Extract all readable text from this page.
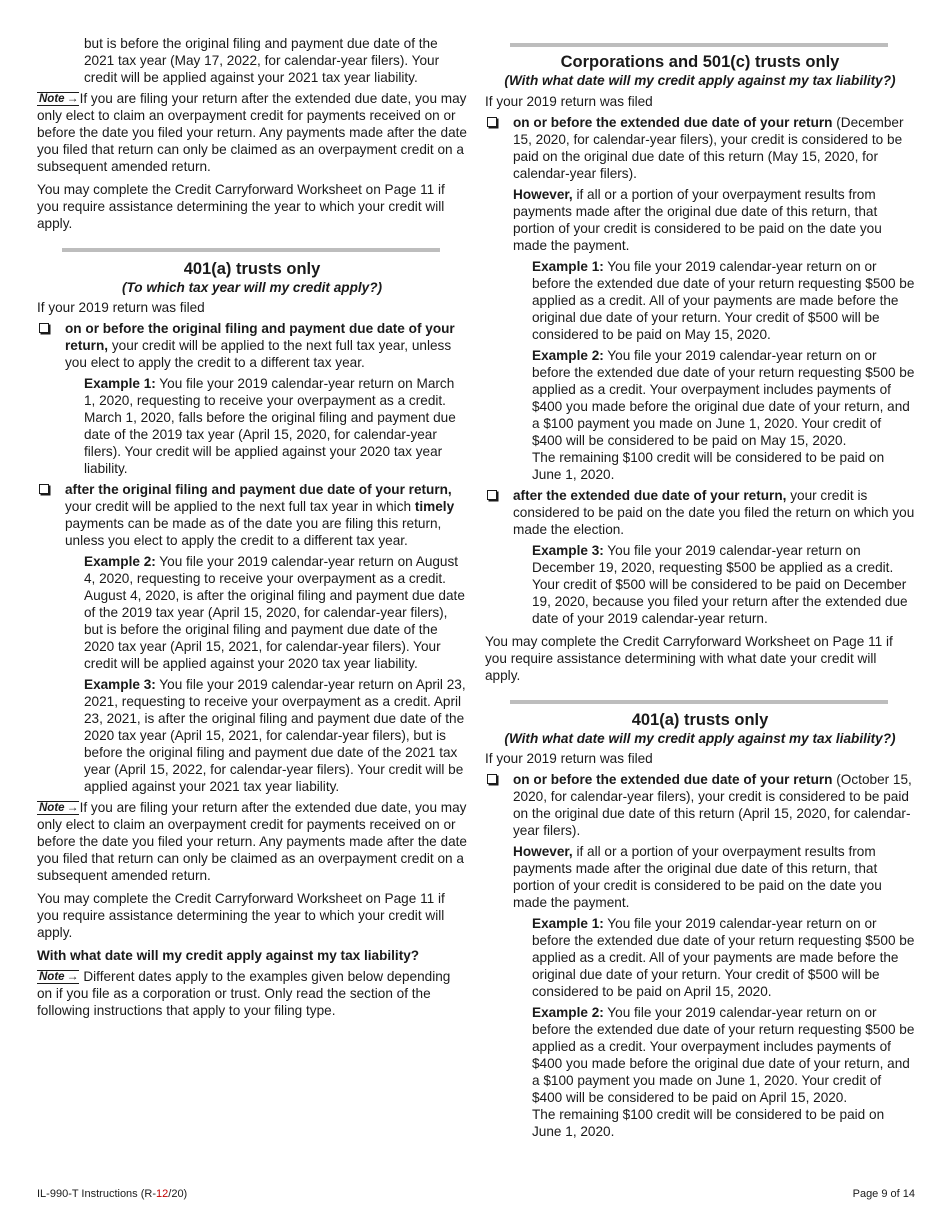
but is before the original filing and payment due date of the 2021 tax year (May 17, 2022, for calendar-year filers). Your credit will be applied against your 2021 tax year liability.

Note → If you are filing your return after the extended due date, you may only elect to claim an overpayment credit for payments received on or before the date you filed your return. Any payments made after the date you filed that return can only be claimed as an overpayment credit on a subsequent amended return.

You may complete the Credit Carryforward Worksheet on Page 11 if you require assistance determining the year to which your credit will apply.

401(a) trusts only
(To which tax year will my credit apply?)

If your 2019 return was filed

on or before the original filing and payment due date of your return, your credit will be applied to the next full tax year, unless you elect to apply the credit to a different tax year.

Example 1: You file your 2019 calendar-year return on March 1, 2020, requesting to receive your overpayment as a credit. March 1, 2020, falls before the original filing and payment due date of the 2019 tax year (April 15, 2020, for calendar-year filers). Your credit will be applied against your 2020 tax year liability.

after the original filing and payment due date of your return, your credit will be applied to the next full tax year in which timely payments can be made as of the date you are filing this return, unless you elect to apply the credit to a different tax year.

Example 2: You file your 2019 calendar-year return on August 4, 2020, requesting to receive your overpayment as a credit. August 4, 2020, is after the original filing and payment due date of the 2019 tax year (April 15, 2020, for calendar-year filers), but is before the original filing and payment due date of the 2020 tax year (April 15, 2021, for calendar-year filers). Your credit will be applied against your 2020 tax year liability.

Example 3: You file your 2019 calendar-year return on April 23, 2021, requesting to receive your overpayment as a credit. April 23, 2021, is after the original filing and payment due date of the 2020 tax year (April 15, 2021, for calendar-year filers), but is before the original filing and payment due date of the 2021 tax year (April 15, 2022, for calendar-year filers). Your credit will be applied against your 2021 tax year liability.

Note → If you are filing your return after the extended due date, you may only elect to claim an overpayment credit for payments received on or before the date you filed your return. Any payments made after the date you filed that return can only be claimed as an overpayment credit on a subsequent amended return.

You may complete the Credit Carryforward Worksheet on Page 11 if you require assistance determining the year to which your credit will apply.

With what date will my credit apply against my tax liability?

Note → Different dates apply to the examples given below depending on if you file as a corporation or trust. Only read the section of the following instructions that apply to your filing type.

Corporations and 501(c) trusts only
(With what date will my credit apply against my tax liability?)

If your 2019 return was filed

on or before the extended due date of your return (December 15, 2020, for calendar-year filers), your credit is considered to be paid on the original due date of this return (May 15, 2020, for calendar-year filers).

However, if all or a portion of your overpayment results from payments made after the original due date of this return, that portion of your credit is considered to be paid on the date you made the payment.

Example 1: You file your 2019 calendar-year return on or before the extended due date of your return requesting $500 be applied as a credit. All of your payments are made before the original due date of your return. Your credit of $500 will be considered to be paid on May 15, 2020.

Example 2: You file your 2019 calendar-year return on or before the extended due date of your return requesting $500 be applied as a credit. Your overpayment includes payments of $400 you made before the original due date of your return, and a $100 payment you made on June 1, 2020. Your credit of $400 will be considered to be paid on May 15, 2020.

The remaining $100 credit will be considered to be paid on June 1, 2020.

after the extended due date of your return, your credit is considered to be paid on the date you filed the return on which you made the election.

Example 3: You file your 2019 calendar-year return on December 19, 2020, requesting $500 be applied as a credit. Your credit of $500 will be considered to be paid on December 19, 2020, because you filed your return after the extended due date of your 2019 calendar-year return.

You may complete the Credit Carryforward Worksheet on Page 11 if you require assistance determining with what date your credit will apply.

401(a) trusts only
(With what date will my credit apply against my tax liability?)

If your 2019 return was filed

on or before the extended due date of your return (October 15, 2020, for calendar-year filers), your credit is considered to be paid on the original due date of this return (April 15, 2020, for calendar-year filers).

However, if all or a portion of your overpayment results from payments made after the original due date of this return, that portion of your credit is considered to be paid on the date you made the payment.

Example 1: You file your 2019 calendar-year return on or before the extended due date of your return requesting $500 be applied as a credit. All of your payments are made before the original due date of your return. Your credit of $500 will be considered to be paid on April 15, 2020.

Example 2: You file your 2019 calendar-year return on or before the extended due date of your return requesting $500 be applied as a credit. Your overpayment includes payments of $400 you made before the original due date of your return, and a $100 payment you made on June 1, 2020. Your credit of $400 will be considered to be paid on April 15, 2020.

The remaining $100 credit will be considered to be paid on June 1, 2020.

IL-990-T Instructions (R-12/20)	Page 9 of 14
